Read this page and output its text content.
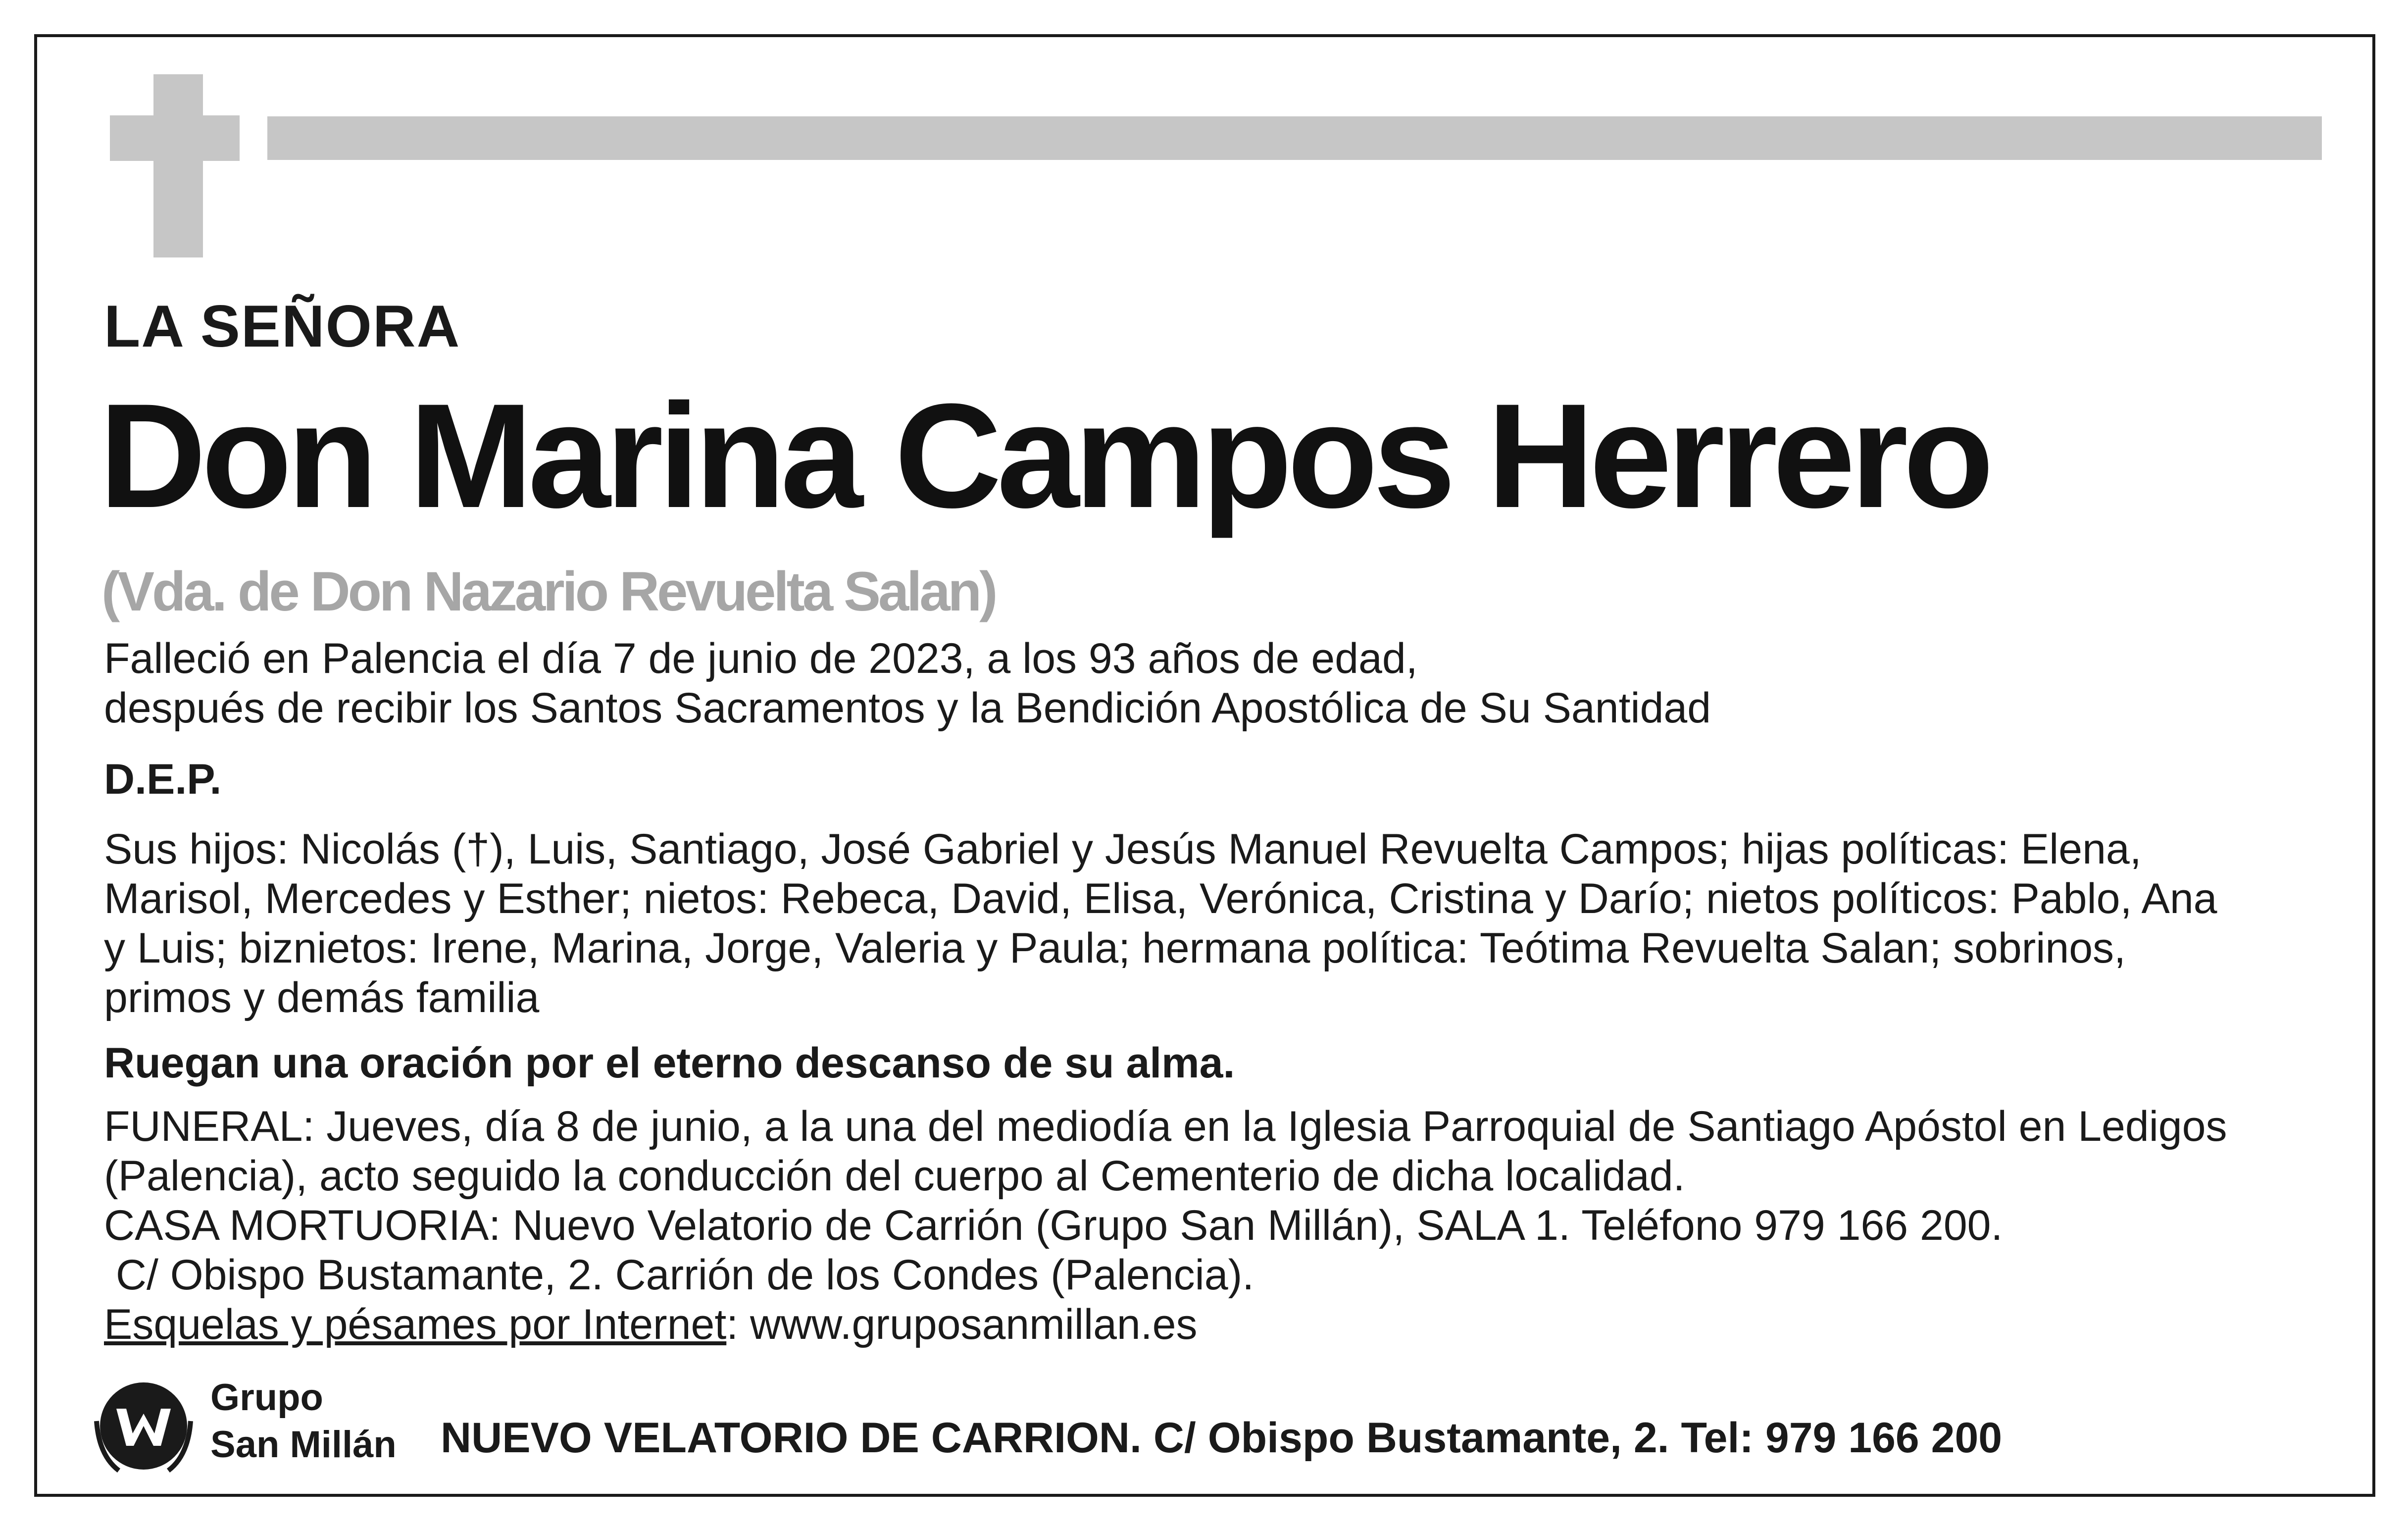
LA SEÑORA
Don Marina Campos Herrero
(Vda. de Don Nazario Revuelta Salan)
Falleció en Palencia el día 7 de junio de 2023, a los 93 años de edad,
después de recibir los Santos Sacramentos y la Bendición Apostólica de Su Santidad
D.E.P.
Sus hijos: Nicolás (†), Luis, Santiago, José Gabriel y Jesús Manuel Revuelta Campos; hijas políticas: Elena,
Marisol, Mercedes y Esther; nietos: Rebeca, David, Elisa, Verónica, Cristina y Darío; nietos políticos: Pablo, Ana
y Luis; biznietos: Irene, Marina, Jorge, Valeria y Paula; hermana política: Teótima Revuelta Salan; sobrinos,
primos y demás familia
Ruegan una oración por el eterno descanso de su alma.
FUNERAL: Jueves, día 8 de junio, a la una del mediodía en la Iglesia Parroquial de Santiago Apóstol en Ledigos
(Palencia), acto seguido la conducción del cuerpo al Cementerio de dicha localidad.
CASA MORTUORIA: Nuevo Velatorio de Carrión (Grupo San Millán), SALA 1. Teléfono 979 166 200.
C/ Obispo Bustamante, 2. Carrión de los Condes (Palencia).
Esquelas y pésames por Internet: www.gruposanmillan.es
Grupo
San Millán NUEVO VELATORIO DE CARRION. C/ Obispo Bustamante, 2. Tel: 979 166 200
